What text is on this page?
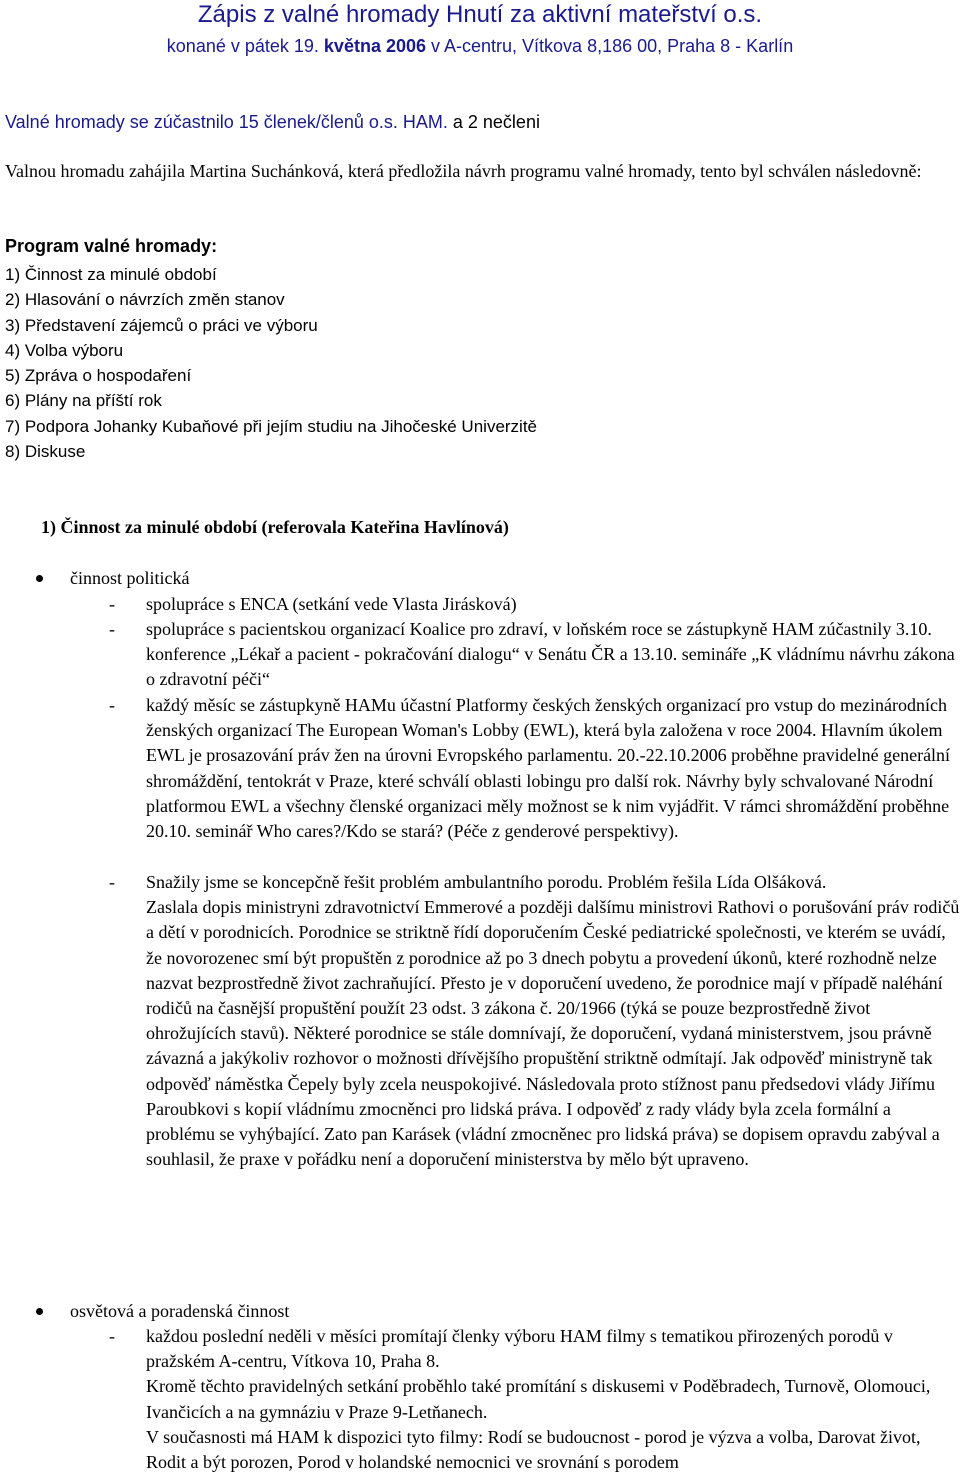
Zápis z valné hromady Hnutí za aktivní mateřství o.s.
konané v pátek 19. května 2006 v A-centru, Vítkova 8,186 00, Praha 8 - Karlín
Valné hromady se zúčastnilo 15 členek/členů o.s. HAM. a 2 nečleni
Valnou hromadu zahájila Martina Suchánková, která předložila návrh programu valné hromady, tento byl schválen následovně:
Program valné hromady:
1) Činnost za minulé období
2) Hlasování o návrzích změn stanov
3) Představení zájemců o práci ve výboru
4) Volba výboru
5) Zpráva o hospodaření
6) Plány na příští rok
7) Podpora Johanky Kubaňové při jejím studiu na Jihočeské Univerzitě
8) Diskuse
1) Činnost za minulé období (referovala Kateřina Havlínová)
činnost politická
- spolupráce s ENCA (setkání vede Vlasta Jirásková)
- spolupráce s pacientskou organizací Koalice pro zdraví, v loňském roce se zástupkyně HAM zúčastnily 3.10. konference „Lékař a pacient - pokračování dialogu“ v Senátu ČR a 13.10. semináře „K vládnímu návrhu zákona o zdravotní péči“
- každý měsíc se zástupkyně HAMu účastní Platformy českých ženských organizací pro vstup do mezinárodních ženských organizací The European Woman's Lobby (EWL), která byla založena v roce 2004. Hlavním úkolem EWL je prosazování práv žen na úrovni Evropského parlamentu. 20.-22.10.2006 proběhne pravidelné generální shromáždění, tentokrát v Praze, které schválí oblasti lobingu pro další rok. Návrhy byly schvalované Národní platformou EWL a všechny členské organizaci měly možnost se k nim vyjádřit. V rámci shromáždění proběhne 20.10. seminář Who cares?/Kdo se stará? (Péče z genderové perspektivy).
- Snažily jsme se koncepčně řešit problém ambulantního porodu. Problém řešila Lída Olšáková.

Zaslala dopis ministryni zdravotnictví Emmerové a později dalšímu ministrovi Rathovi o porušování práv rodičů a dětí v porodnicích. Porodnice se striktně řídí doporučením České pediatrické společnosti, ve kterém se uvádí, že novorozenec smí být propuštěn z porodnice až po 3 dnech pobytu a provedení úkonů, které rozhodně nelze nazvat bezprostředně život zachraňující. Přesto je v doporučení uvedeno, že porodnice mají v případě naléhání rodičů na časnější propuštění použít 23 odst. 3 zákona č. 20/1966 (týká se pouze bezprostředně život ohrožujících stavů). Některé porodnice se stále domnívají, že doporučení, vydaná ministerstvem, jsou právně závazná a jakýkoliv rozhovor o možnosti dřívějšího propuštění striktně odmítají. Jak odpověď ministryně tak odpověď náměstka Čepely byly zcela neuspokojivé. Následovala proto stížnost panu předsedovi vlády Jiřímu Paroubkovi s kopií vládnímu zmocněnci pro lidská práva. I odpověď z rady vlády byla zcela formální a problému se vyhýbající. Zato pan Karásek (vládní zmocněnec pro lidská práva) se dopisem opravdu zabýval a souhlasil, že praxe v pořádku není a doporučení ministerstva by mělo být upraveno.

osvětová a poradenská činnost
- každou poslední neděli v měsíci promítají členky výboru HAM filmy s tematikou přirozených porodů v pražském A-centru, Vítkova 10, Praha 8.

Kromě těchto pravidelných setkání proběhlo také promítání s diskusemi v Poděbradech, Turnově, Olomouci, Ivančicích a na gymnáziu v Praze 9-Letňanech.

V současnosti má HAM k dispozici tyto filmy: Rodí se budoucnost - porod je výzva a volba, Darovat život, Rodit a být porozen, Porod v holandské nemocnici ve srovnání s porodem
